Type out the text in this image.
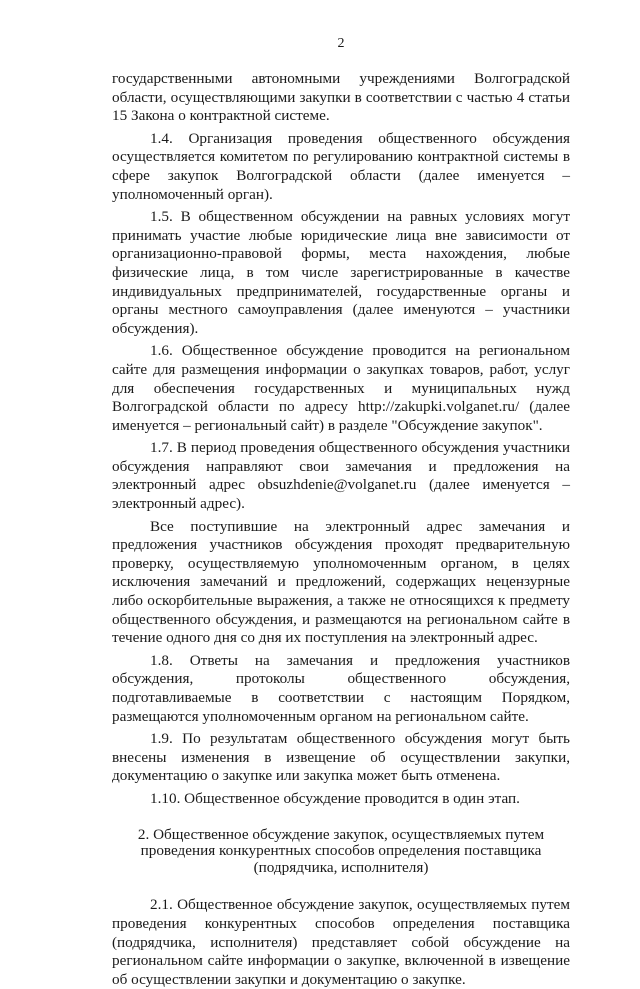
2

государственными автономными учреждениями Волгоградской области, осуществляющими закупки в соответствии с частью 4 статьи 15 Закона о контрактной системе.

1.4. Организация проведения общественного обсуждения осуществляется комитетом по регулированию контрактной системы в сфере закупок Волгоградской области (далее именуется – уполномоченный орган).

1.5. В общественном обсуждении на равных условиях могут принимать участие любые юридические лица вне зависимости от организационно-правовой формы, места нахождения, любые физические лица, в том числе зарегистрированные в качестве индивидуальных предпринимателей, государственные органы и органы местного самоуправления (далее именуются – участники обсуждения).

1.6. Общественное обсуждение проводится на региональном сайте для размещения информации о закупках товаров, работ, услуг для обеспечения государственных и муниципальных нужд Волгоградской области по адресу http://zakupki.volganet.ru/ (далее именуется – региональный сайт) в разделе "Обсуждение закупок".

1.7. В период проведения общественного обсуждения участники обсуждения направляют свои замечания и предложения на электронный адрес obsuzhdenie@volganet.ru (далее именуется – электронный адрес).

Все поступившие на электронный адрес замечания и предложения участников обсуждения проходят предварительную проверку, осуществляемую уполномоченным органом, в целях исключения замечаний и предложений, содержащих нецензурные либо оскорбительные выражения, а также не относящихся к предмету общественного обсуждения, и размещаются на региональном сайте в течение одного дня со дня их поступления на электронный адрес.

1.8. Ответы на замечания и предложения участников обсуждения, протоколы общественного обсуждения, подготавливаемые в соответствии с настоящим Порядком, размещаются уполномоченным органом на региональном сайте.

1.9. По результатам общественного обсуждения могут быть внесены изменения в извещение об осуществлении закупки, документацию о закупке или закупка может быть отменена.

1.10. Общественное обсуждение проводится в один этап.

2. Общественное обсуждение закупок, осуществляемых путем
проведения конкурентных способов определения поставщика
(подрядчика, исполнителя)

2.1. Общественное обсуждение закупок, осуществляемых путем проведения конкурентных способов определения поставщика (подрядчика, исполнителя) представляет собой обсуждение на региональном сайте информации о закупке, включенной в извещение об осуществлении закупки и документацию о закупке.
